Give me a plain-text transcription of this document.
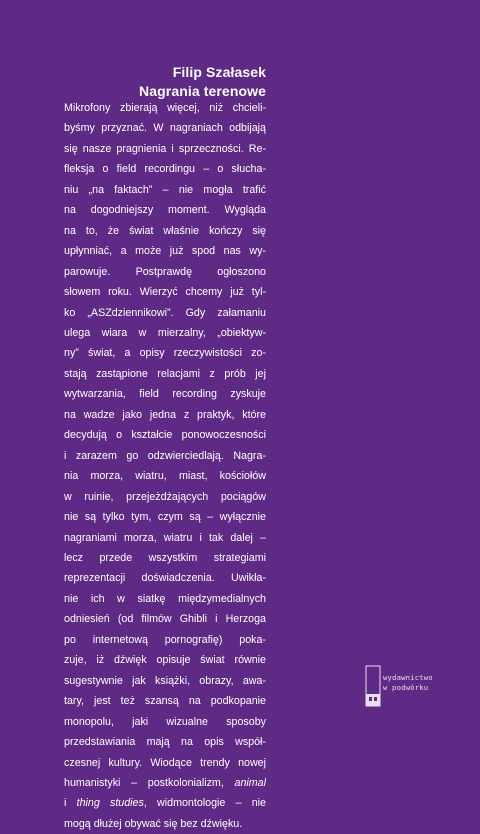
Filip Szałasek
Nagrania terenowe
Mikrofony zbierają więcej, niż chcieli-
byśmy przyznać. W nagraniach odbijają
się nasze pragnienia i sprzeczności. Re-
fleksja o field recordingu – o słucha-
niu „na faktach” – nie mogła trafić
na dogodniejszy moment. Wygląda
na to, że świat właśnie kończy się
upłynniać, a może już spod nas wy-
parowuje. Postprawdę ogłoszono
słowem roku. Wierzyć chcemy już tyl-
ko „ASZdziennikowi”. Gdy załamaniu
ulega wiara w mierzalny, „obiektyw-
ny” świat, a opisy rzeczywistości zo-
stają zastąpione relacjami z prób jej
wytwarzania, field recording zyskuje
na wadze jako jedna z praktyk, które
decydują o kształcie ponowoczesności
i zarazem go odzwierciedlają. Nagra-
nia morza, wiatru, miast, kościołów
w ruinie, przejeżdżających pociągów
nie są tylko tym, czym są – wyłącznie
nagraniami morza, wiatru i tak dalej –
lecz przede wszystkim strategiami
reprezentacji doświadczenia. Uwikła-
nie ich w siatkę międzymedialnych
odniesień (od filmów Ghibli i Herzoga
po internetową pornografię) poka-
zuje, iż dźwięk opisuje świat równie
sugestywnie jak książki, obrazy, awa-
tary, jest też szansą na podkopanie
monopolu, jaki wizualne sposoby
przedstawiania mają na opis współ-
czesnej kultury. Wiodące trendy nowej
humanistyki – postkolonializm, animal
i thing studies, widmontologie – nie
mogą dłużej obywać się bez dźwięku.
wydawnictwo
w podwórku
